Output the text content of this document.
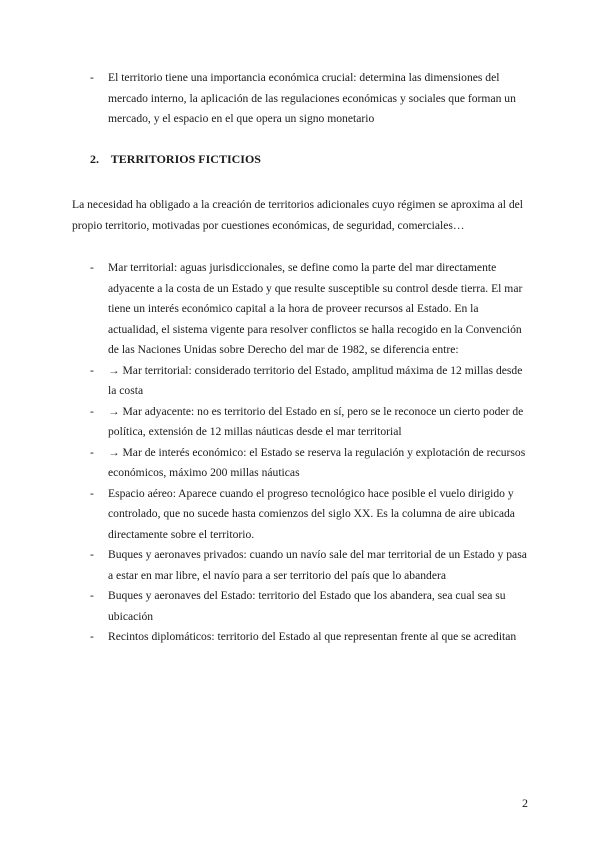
- El territorio tiene una importancia económica crucial: determina las dimensiones del mercado interno, la aplicación de las regulaciones económicas y sociales que forman un mercado, y el espacio en el que opera un signo monetario
2. TERRITORIOS FICTICIOS

La necesidad ha obligado a la creación de territorios adicionales cuyo régimen se aproxima al del propio territorio, motivadas por cuestiones económicas, de seguridad, comerciales…

- Mar territorial: aguas jurisdiccionales, se define como la parte del mar directamente adyacente a la costa de un Estado y que resulte susceptible su control desde tierra. El mar tiene un interés económico capital a la hora de proveer recursos al Estado. En la actualidad, el sistema vigente para resolver conflictos se halla recogido en la Convención de las Naciones Unidas sobre Derecho del mar de 1982, se diferencia entre:
- → Mar territorial: considerado territorio del Estado, amplitud máxima de 12 millas desde la costa
- → Mar adyacente: no es territorio del Estado en sí, pero se le reconoce un cierto poder de política, extensión de 12 millas náuticas desde el mar territorial
- → Mar de interés económico: el Estado se reserva la regulación y explotación de recursos económicos, máximo 200 millas náuticas
- Espacio aéreo: Aparece cuando el progreso tecnológico hace posible el vuelo dirigido y controlado, que no sucede hasta comienzos del siglo XX. Es la columna de aire ubicada directamente sobre el territorio.
- Buques y aeronaves privados: cuando un navío sale del mar territorial de un Estado y pasa a estar en mar libre, el navío para a ser territorio del país que lo abandera
- Buques y aeronaves del Estado: territorio del Estado que los abandera, sea cual sea su ubicación
- Recintos diplomáticos: territorio del Estado al que representan frente al que se acreditan
2
